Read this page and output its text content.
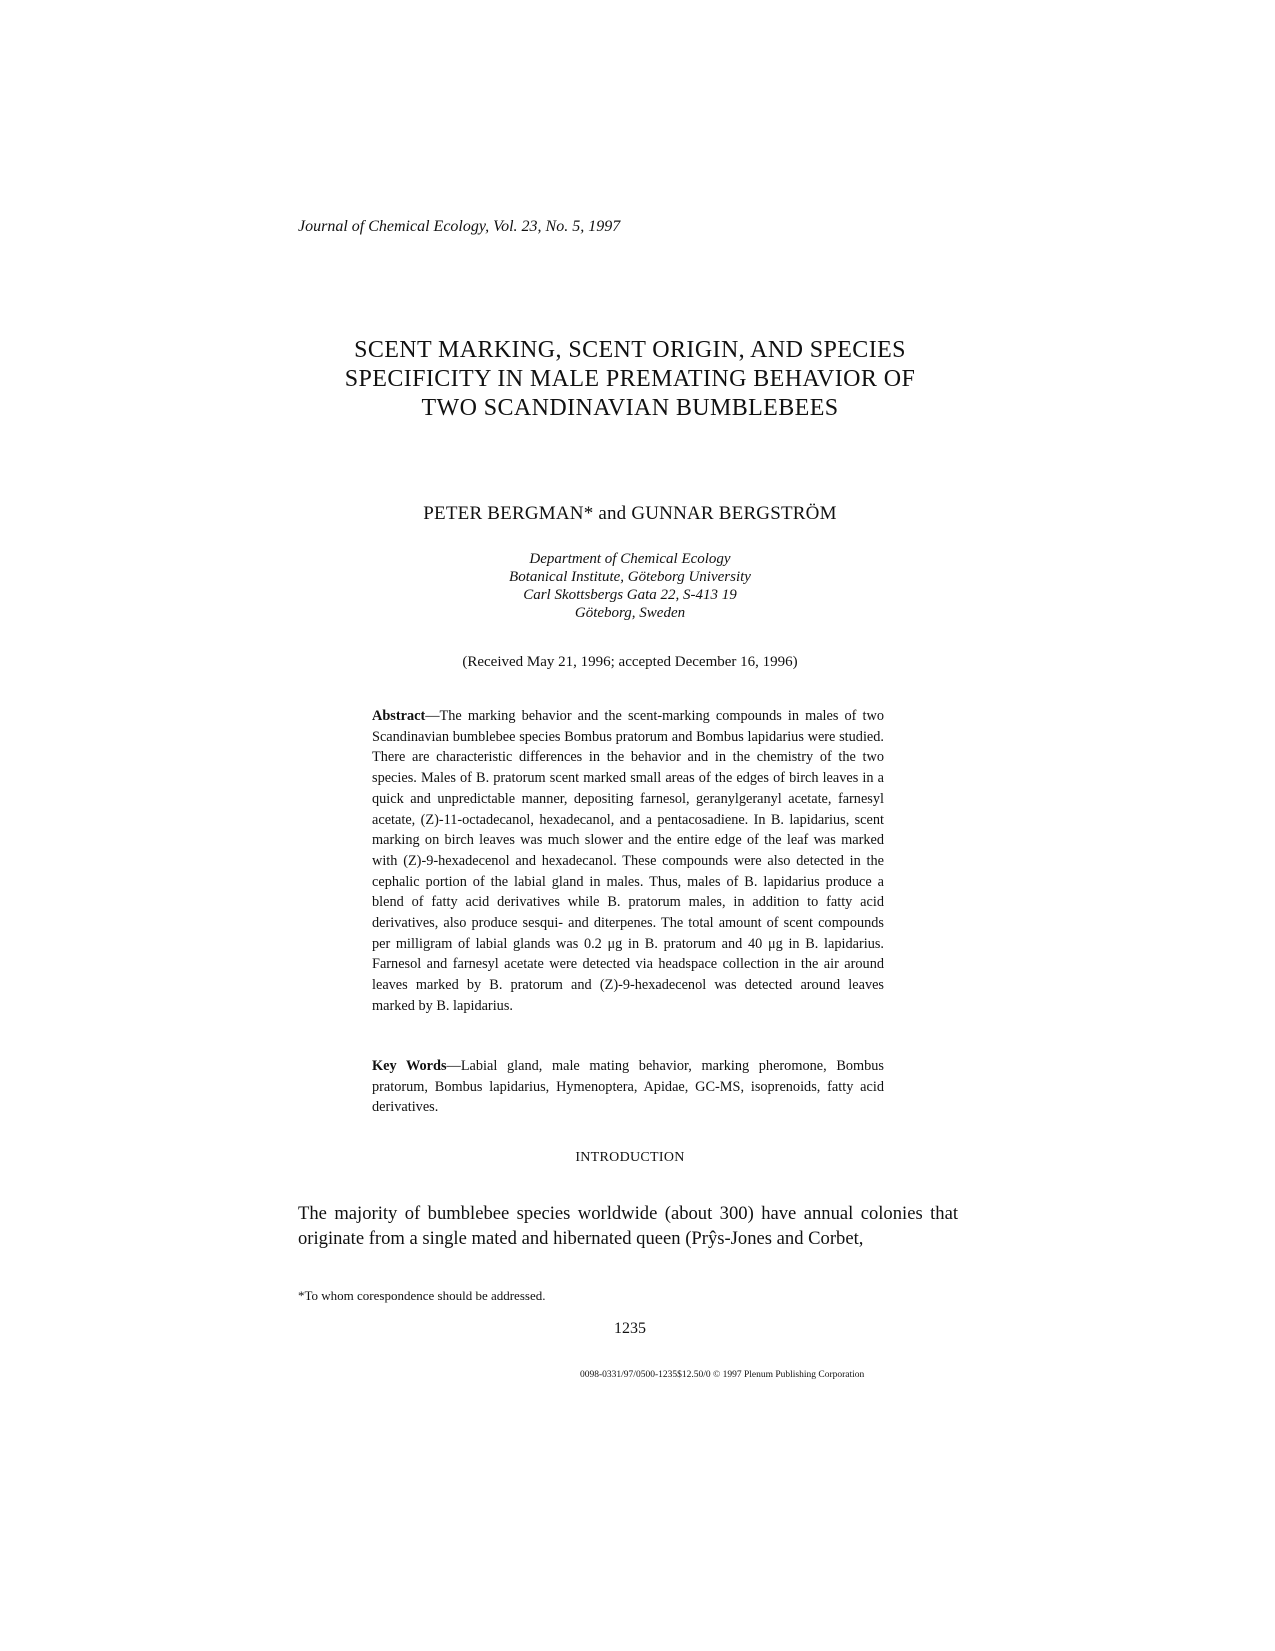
Journal of Chemical Ecology, Vol. 23, No. 5, 1997

SCENT MARKING, SCENT ORIGIN, AND SPECIES
SPECIFICITY IN MALE PREMATING BEHAVIOR OF
TWO SCANDINAVIAN BUMBLEBEES

PETER BERGMAN* and GUNNAR BERGSTRÖM

Department of Chemical Ecology
Botanical Institute, Göteborg University
Carl Skottsbergs Gata 22, S-413 19
Göteborg, Sweden

(Received May 21, 1996; accepted December 16, 1996)

Abstract—The marking behavior and the scent-marking compounds in males of two Scandinavian bumblebee species Bombus pratorum and Bombus lapidarius were studied. There are characteristic differences in the behavior and in the chemistry of the two species. Males of B. pratorum scent marked small areas of the edges of birch leaves in a quick and unpredictable manner, depositing farnesol, geranylgeranyl acetate, farnesyl acetate, (Z)-11-octadecanol, hexadecanol, and a pentacosadiene. In B. lapidarius, scent marking on birch leaves was much slower and the entire edge of the leaf was marked with (Z)-9-hexadecenol and hexadecanol. These compounds were also detected in the cephalic portion of the labial gland in males. Thus, males of B. lapidarius produce a blend of fatty acid derivatives while B. pratorum males, in addition to fatty acid derivatives, also produce sesqui- and diterpenes. The total amount of scent compounds per milligram of labial glands was 0.2 μg in B. pratorum and 40 μg in B. lapidarius. Farnesol and farnesyl acetate were detected via headspace collection in the air around leaves marked by B. pratorum and (Z)-9-hexadecenol was detected around leaves marked by B. lapidarius.

Key Words—Labial gland, male mating behavior, marking pheromone, Bombus pratorum, Bombus lapidarius, Hymenoptera, Apidae, GC-MS, isoprenoids, fatty acid derivatives.

INTRODUCTION

The majority of bumblebee species worldwide (about 300) have annual colonies that originate from a single mated and hibernated queen (Prŷs-Jones and Corbet,

*To whom corespondence should be addressed.

1235

0098-0331/97/0500-1235$12.50/0 © 1997 Plenum Publishing Corporation
